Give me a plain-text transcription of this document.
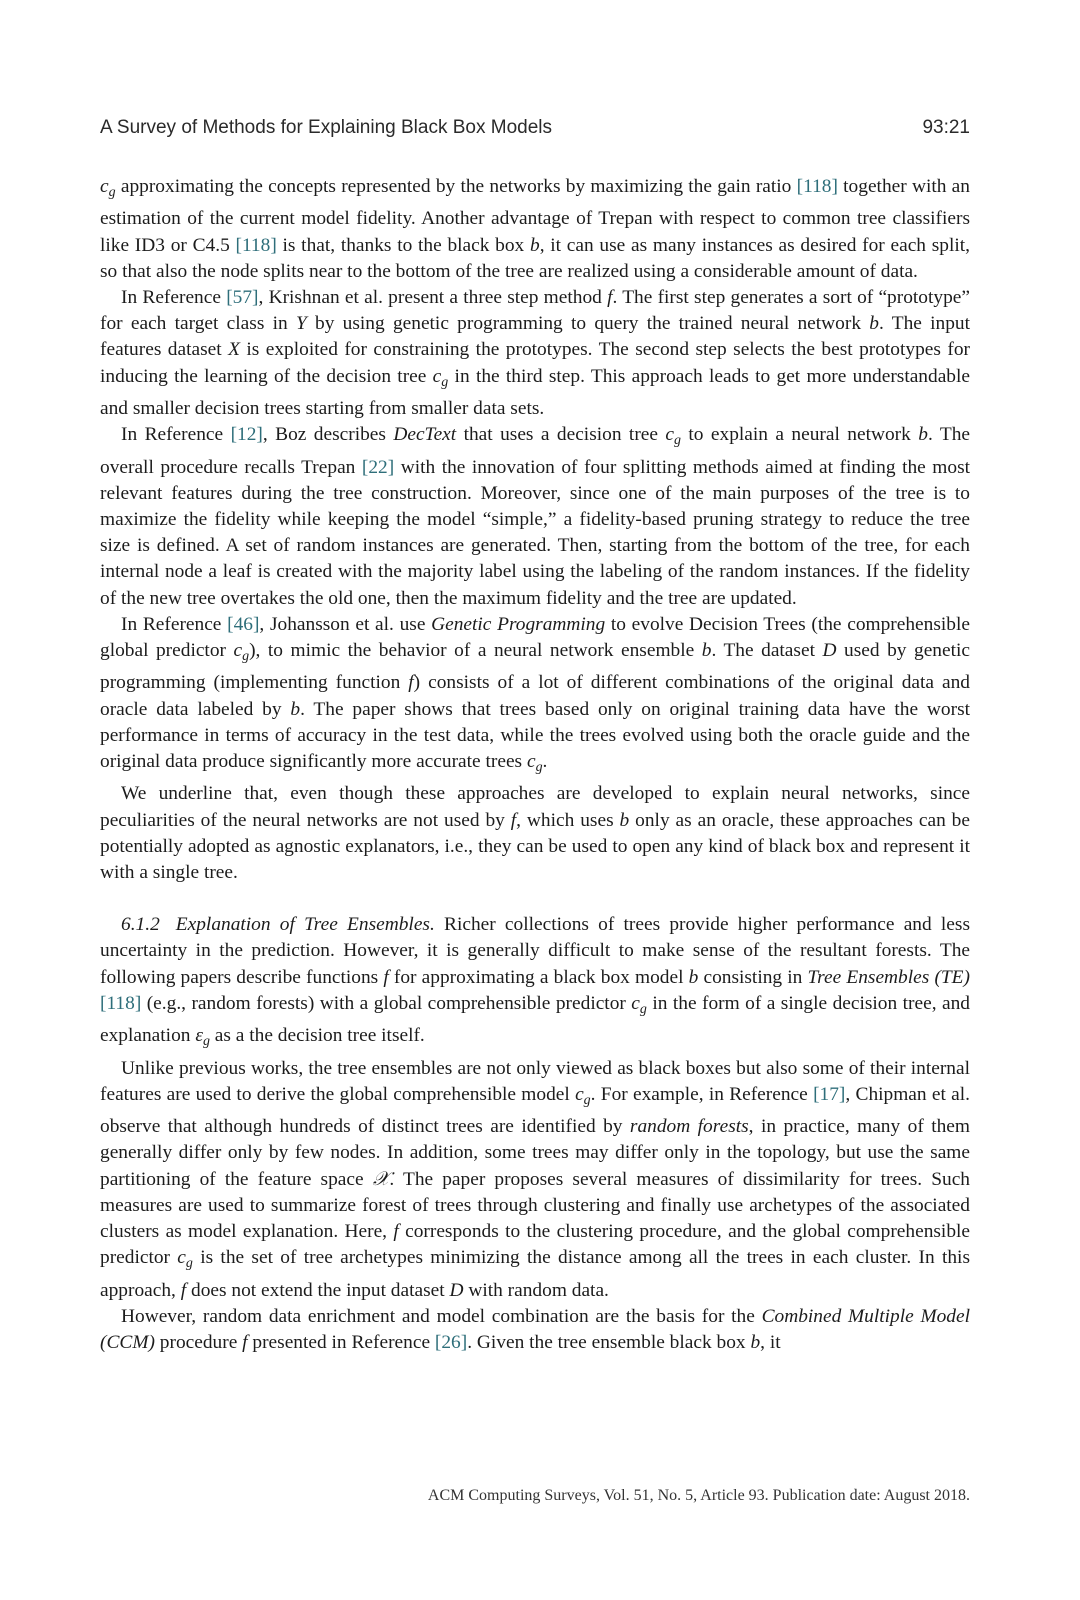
A Survey of Methods for Explaining Black Box Models	93:21

$c_g$ approximating the concepts represented by the networks by maximizing the gain ratio [118] together with an estimation of the current model fidelity. Another advantage of Trepan with respect to common tree classifiers like ID3 or C4.5 [118] is that, thanks to the black box b, it can use as many instances as desired for each split, so that also the node splits near to the bottom of the tree are realized using a considerable amount of data.

In Reference [57], Krishnan et al. present a three step method f. The first step generates a sort of “prototype” for each target class in Y by using genetic programming to query the trained neural network b. The input features dataset X is exploited for constraining the prototypes. The second step selects the best prototypes for inducing the learning of the decision tree $c_g$ in the third step. This approach leads to get more understandable and smaller decision trees starting from smaller data sets.

In Reference [12], Boz describes DecText that uses a decision tree $c_g$ to explain a neural network b. The overall procedure recalls Trepan [22] with the innovation of four splitting methods aimed at finding the most relevant features during the tree construction. Moreover, since one of the main purposes of the tree is to maximize the fidelity while keeping the model “simple,” a fidelity-based pruning strategy to reduce the tree size is defined. A set of random instances are generated. Then, starting from the bottom of the tree, for each internal node a leaf is created with the majority label using the labeling of the random instances. If the fidelity of the new tree overtakes the old one, then the maximum fidelity and the tree are updated.

In Reference [46], Johansson et al. use Genetic Programming to evolve Decision Trees (the comprehensible global predictor $c_g$), to mimic the behavior of a neural network ensemble b. The dataset D used by genetic programming (implementing function f) consists of a lot of different combinations of the original data and oracle data labeled by b. The paper shows that trees based only on original training data have the worst performance in terms of accuracy in the test data, while the trees evolved using both the oracle guide and the original data produce significantly more accurate trees $c_g$.

We underline that, even though these approaches are developed to explain neural networks, since peculiarities of the neural networks are not used by f, which uses b only as an oracle, these approaches can be potentially adopted as agnostic explanators, i.e., they can be used to open any kind of black box and represent it with a single tree.

6.1.2 Explanation of Tree Ensembles. Richer collections of trees provide higher performance and less uncertainty in the prediction. However, it is generally difficult to make sense of the resultant forests. The following papers describe functions f for approximating a black box model b consisting in Tree Ensembles (TE) [118] (e.g., random forests) with a global comprehensible predictor $c_g$ in the form of a single decision tree, and explanation $\varepsilon_g$ as a the decision tree itself.

Unlike previous works, the tree ensembles are not only viewed as black boxes but also some of their internal features are used to derive the global comprehensible model $c_g$. For example, in Reference [17], Chipman et al. observe that although hundreds of distinct trees are identified by random forests, in practice, many of them generally differ only by few nodes. In addition, some trees may differ only in the topology, but use the same partitioning of the feature space 𝒳. The paper proposes several measures of dissimilarity for trees. Such measures are used to summarize forest of trees through clustering and finally use archetypes of the associated clusters as model explanation. Here, f corresponds to the clustering procedure, and the global comprehensible predictor $c_g$ is the set of tree archetypes minimizing the distance among all the trees in each cluster. In this approach, f does not extend the input dataset D with random data.

However, random data enrichment and model combination are the basis for the Combined Multiple Model (CCM) procedure f presented in Reference [26]. Given the tree ensemble black box b, it

ACM Computing Surveys, Vol. 51, No. 5, Article 93. Publication date: August 2018.
